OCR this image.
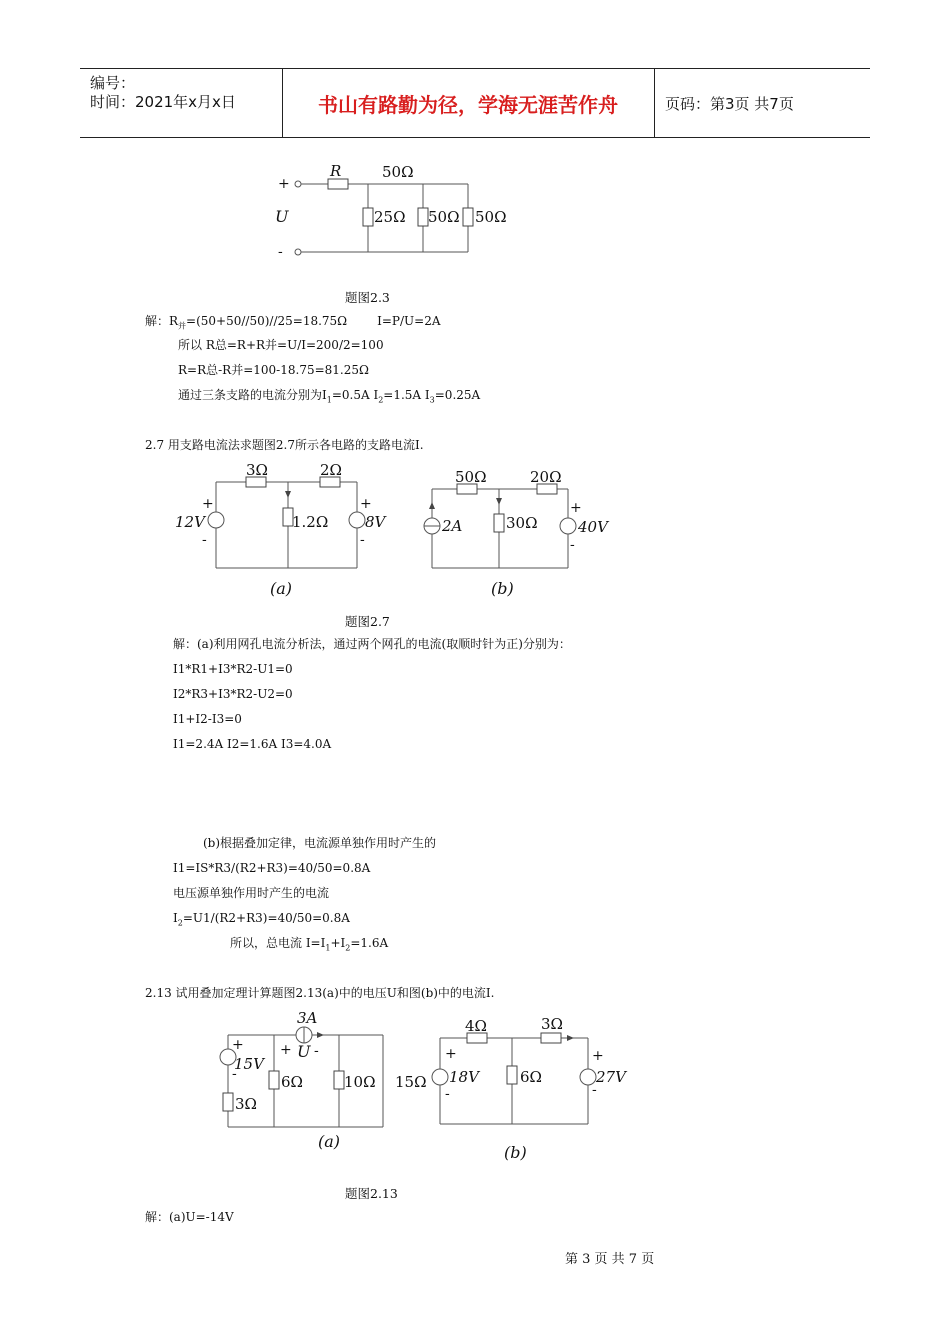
编号：
时间：2021年x月x日	书山有路勤为径，学海无涯苦作舟	页码：第3页 共7页
+
-
U
R	50Ω
25Ω 50Ω 50Ω
题图2.3
解：$R_并=(50+50//50)//25=18.75\Omega$	I=P/U=2A
所以 R总=R+R并=U/I=200/2=100
R=R总-R并=100-18.75=81.25Ω
通过三条支路的电流分别为$I_1=0.5A$ $I_2=1.5A$ $I_3=0.25A$
2.7 用支路电流法求题图2.7所示各电路的支路电流I.
3Ω	2Ω
1.2Ω
12V	8V
+
-
+
-
(a)
50Ω	20Ω
30Ω
2A	40V
+
-
(b)
题图2.7
解：(a)利用网孔电流分析法，通过两个网孔的电流(取顺时针为正)分别为：
I1*R1+I3*R2-U1=0
I2*R3+I3*R2-U2=0
I1+I2-I3=0
I1=2.4A I2=1.6A I3=4.0A
(b)根据叠加定律，电流源单独作用时产生的
I1=IS*R3/(R2+R3)=40/50=0.8A
电压源单独作用时产生的电流
$I_2=U1/(R2+R3)=40/50=0.8A$
所以，总电流 $I=I_1+I_2=1.6A$
2.13 试用叠加定理计算题图2.13(a)中的电压U和图(b)中的电流I.
3A
15V
+
-
+ U -
6Ω	10Ω 15Ω
3Ω
(a)
4Ω	3Ω
6Ω
18V	27V
+
-
+
-
(b)
题图2.13
解：(a)U=-14V
第 3 页 共 7 页
